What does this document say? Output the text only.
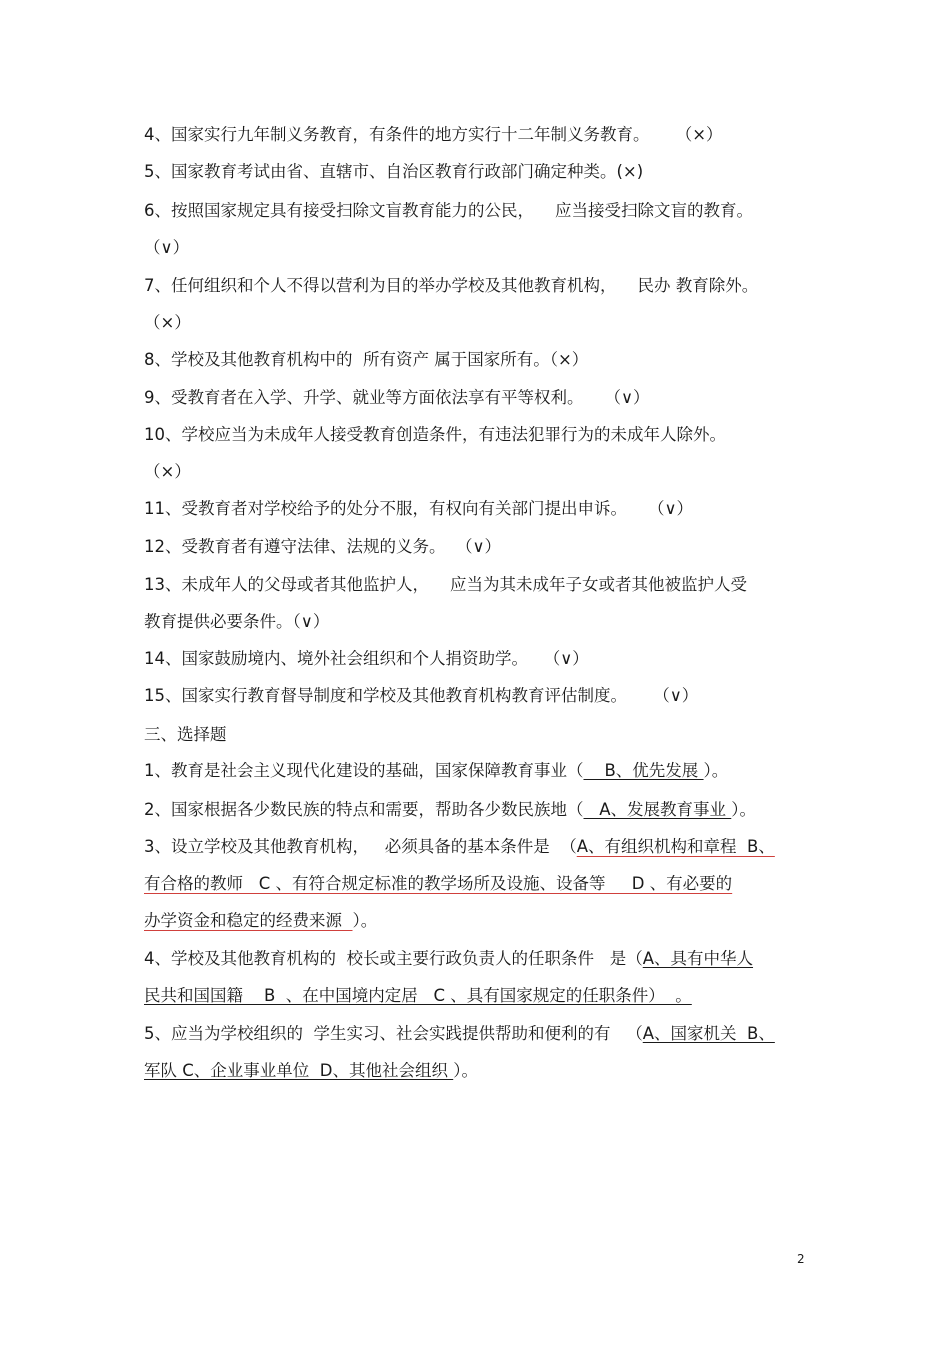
4、国家实行九年制义务教育，有条件的地方实行十二年制义务教育。     （×）
5、国家教育考试由省、直辖市、自治区教育行政部门确定种类。(×)
6、按照国家规定具有接受扫除文盲教育能力的公民，    应当接受扫除文盲的教育。
（∨）
7、任何组织和个人不得以营利为目的举办学校及其他教育机构，    民办 教育除外。
（×）
8、学校及其他教育机构中的  所有资产 属于国家所有。（×）
9、受教育者在入学、升学、就业等方面依法享有平等权利。    （∨）
10、学校应当为未成年人接受教育创造条件，有违法犯罪行为的未成年人除外。
（×）
11、受教育者对学校给予的处分不服，有权向有关部门提出申诉。    （∨）
12、受教育者有遵守法律、法规的义务。  （∨）
13、未成年人的父母或者其他监护人，    应当为其未成年子女或者其他被监护人受
教育提供必要条件。（∨）
14、国家鼓励境内、境外社会组织和个人捐资助学。   （∨）
15、国家实行教育督导制度和学校及其他教育机构教育评估制度。     （∨）
三、选择题
1、教育是社会主义现代化建设的基础，国家保障教育事业（    B、优先发展 ）。
2、国家根据各少数民族的特点和需要，帮助各少数民族地（   A、发展教育事业 ）。
3、设立学校及其他教育机构，   必须具备的基本条件是  （A、有组织机构和章程  B、
有合格的教师   C 、有符合规定标准的教学场所及设施、设备等     D 、有必要的
办学资金和稳定的经费来源  ）。
4、学校及其他教育机构的  校长或主要行政负责人的任职条件   是（A、具有中华人
民共和国国籍    B  、在中国境内定居   C 、具有国家规定的任职条件）  。
5、应当为学校组织的  学生实习、社会实践提供帮助和便利的有   （A、国家机关  B、
军队 C、企业事业单位  D、其他社会组织 ）。
2
